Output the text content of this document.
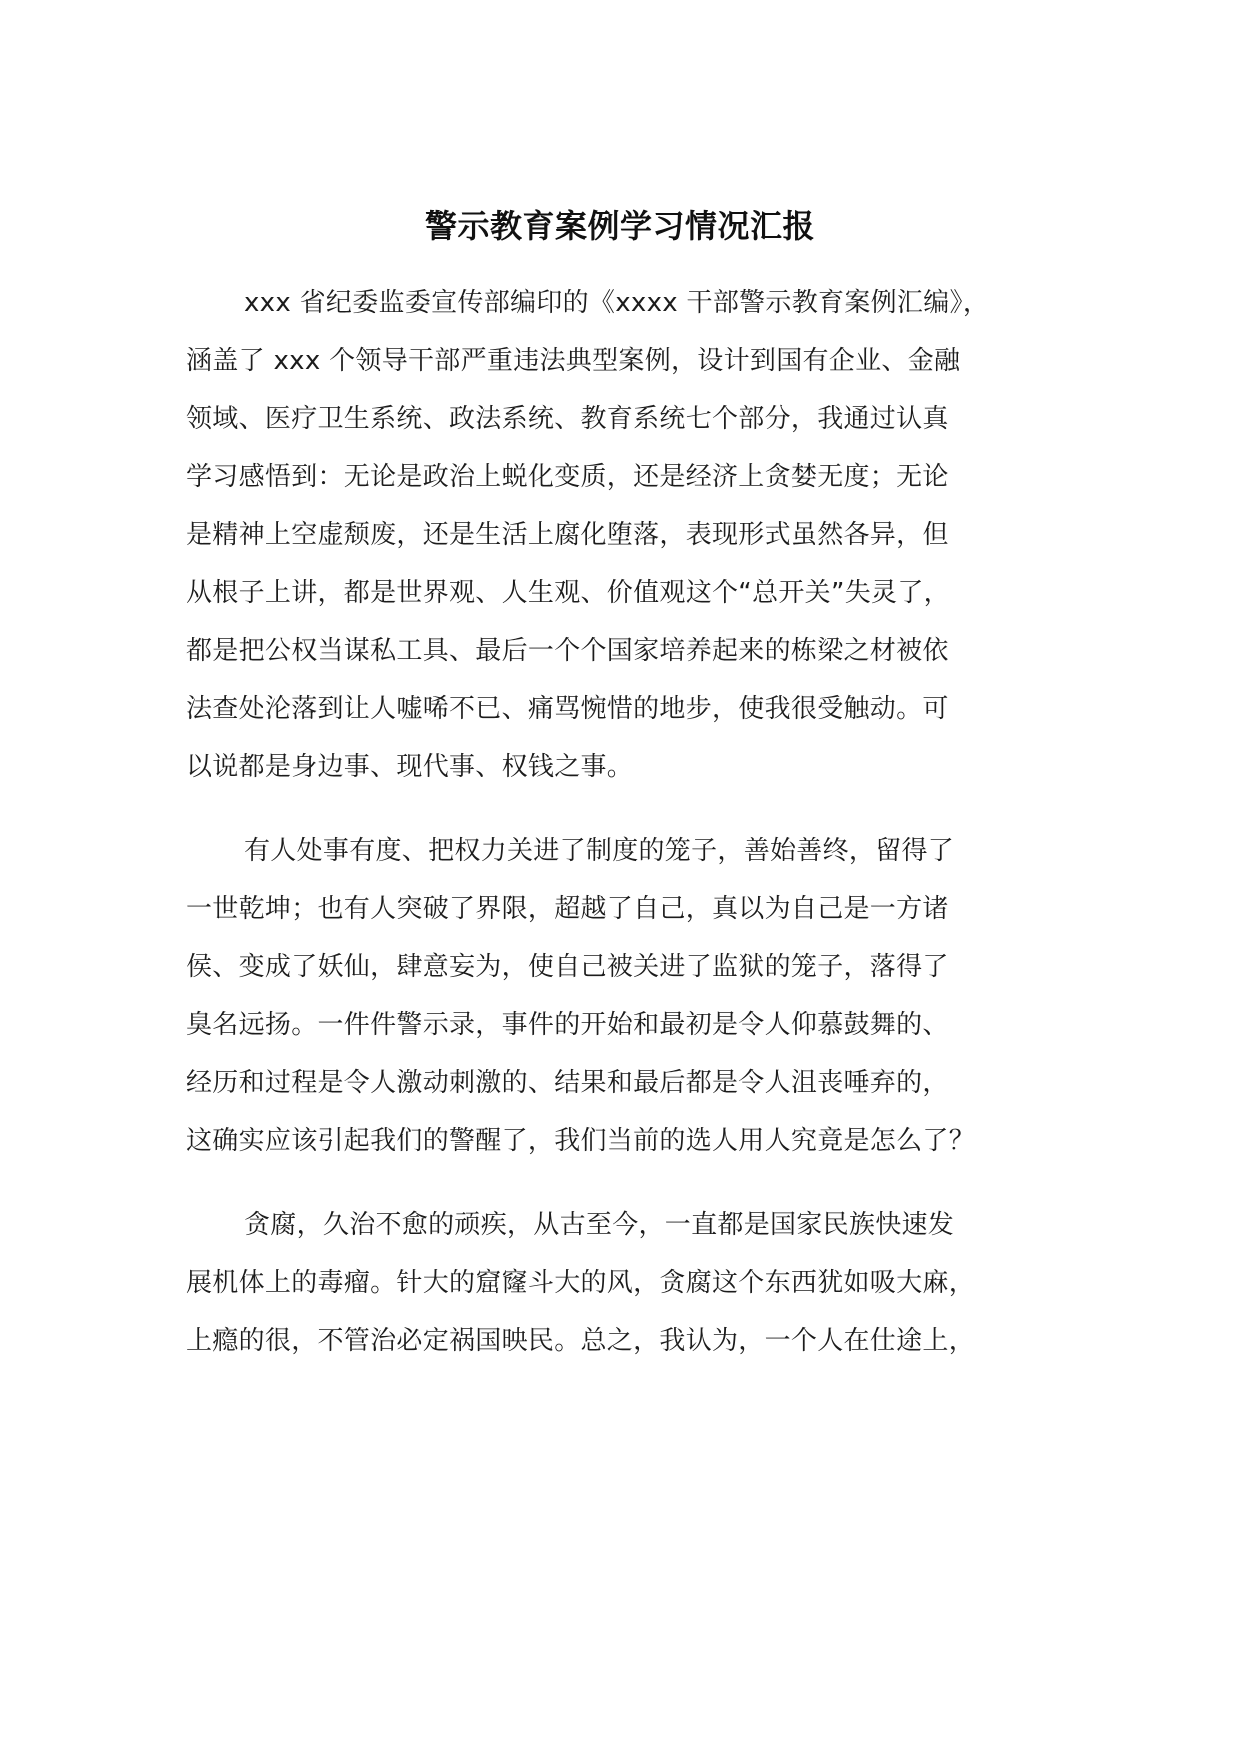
警示教育案例学习情况汇报
xxx 省纪委监委宣传部编印的《xxxx 干部警示教育案例汇编》，
涵盖了 xxx 个领导干部严重违法典型案例，设计到国有企业、金融
领域、医疗卫生系统、政法系统、教育系统七个部分，我通过认真
学习感悟到：无论是政治上蜕化变质，还是经济上贪婪无度；无论
是精神上空虚颓废，还是生活上腐化堕落，表现形式虽然各异，但
从根子上讲，都是世界观、人生观、价值观这个“总开关”失灵了，
都是把公权当谋私工具、最后一个个国家培养起来的栋梁之材被依
法查处沦落到让人嘘唏不已、痛骂惋惜的地步，使我很受触动。可
以说都是身边事、现代事、权钱之事。
有人处事有度、把权力关进了制度的笼子，善始善终，留得了
一世乾坤；也有人突破了界限，超越了自己，真以为自己是一方诸
侯、变成了妖仙，肆意妄为，使自己被关进了监狱的笼子，落得了
臭名远扬。一件件警示录，事件的开始和最初是令人仰慕鼓舞的、
经历和过程是令人激动刺激的、结果和最后都是令人沮丧唾弃的，
这确实应该引起我们的警醒了，我们当前的选人用人究竟是怎么了？
贪腐，久治不愈的顽疾，从古至今，一直都是国家民族快速发
展机体上的毒瘤。针大的窟窿斗大的风，贪腐这个东西犹如吸大麻，
上瘾的很，不管治必定祸国映民。总之，我认为，一个人在仕途上，
